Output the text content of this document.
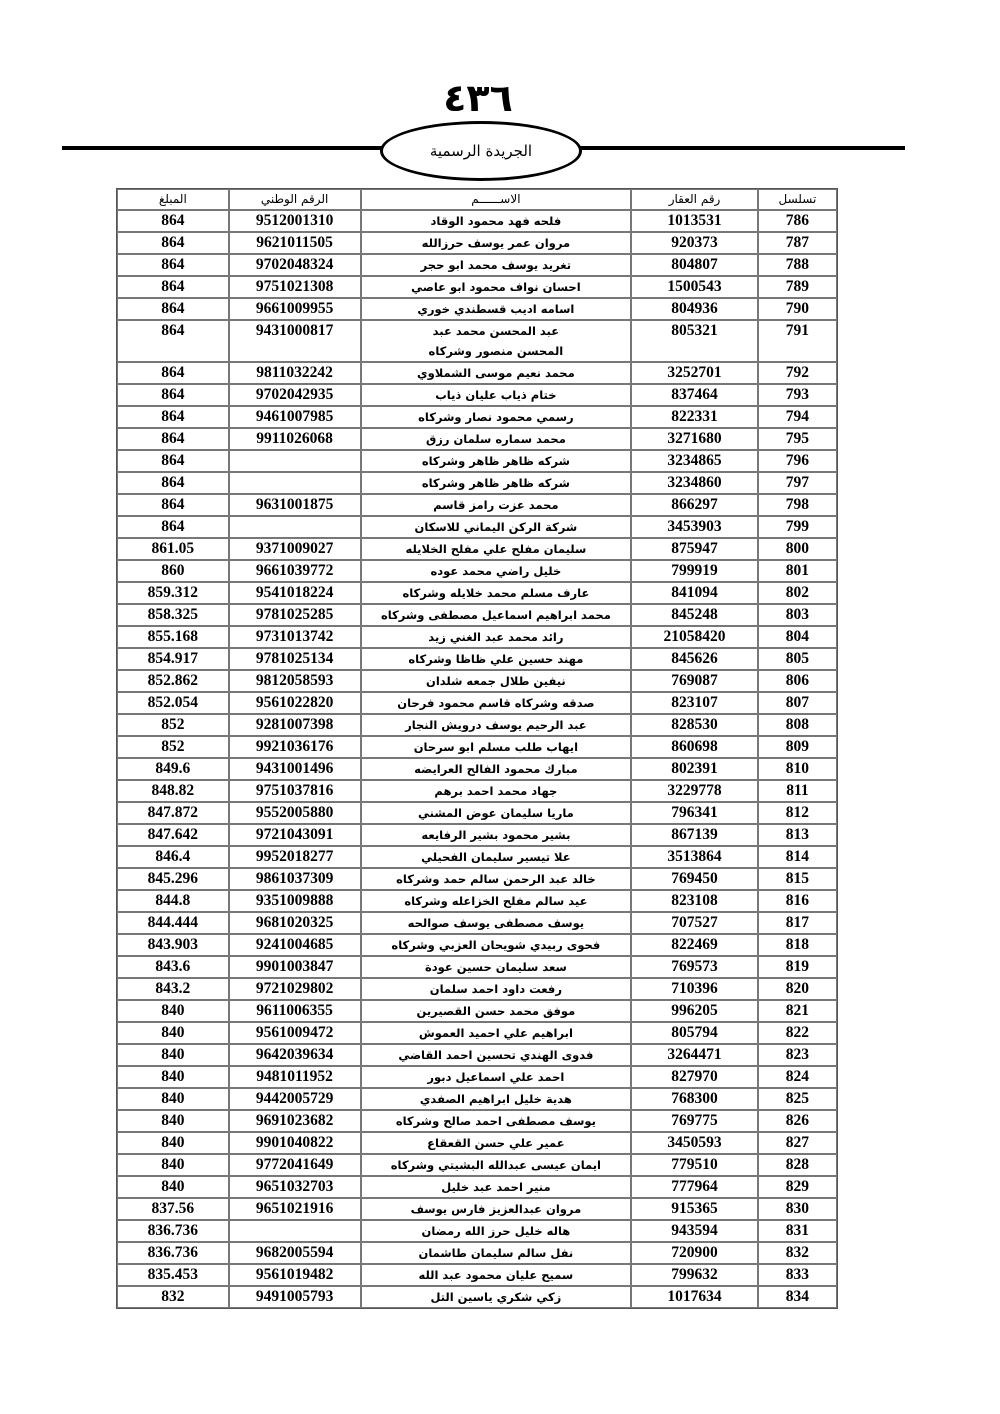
٤٣٦
الجريدة الرسمية
تسلسل	رقم العقار	الاســــــم	الرقم الوطني	المبلغ
786	1013531	فلحه فهد محمود الوقاد	9512001310	864
787	920373	مروان عمر يوسف حرزالله	9621011505	864
788	804807	تغريد يوسف محمد ابو حجر	9702048324	864
789	1500543	احسان نواف محمود ابو عاصي	9751021308	864
790	804936	اسامه اديب قسطندي خوري	9661009955	864
791	805321	عبد المحسن محمد عبد المحسن منصور وشركاه	9431000817	864
792	3252701	محمد نعيم موسى الشملاوي	9811032242	864
793	837464	ختام ذياب عليان ذياب	9702042935	864
794	822331	رسمي محمود نصار وشركاه	9461007985	864
795	3271680	محمد سماره سلمان رزق	9911026068	864
796	3234865	شركه ظاهر ظاهر وشركاه		864
797	3234860	شركه ظاهر ظاهر وشركاه		864
798	866297	محمد عزت رامز قاسم	9631001875	864
799	3453903	شركة الركن اليماني للاسكان		864
800	875947	سليمان مفلح علي مفلح الخلايله	9371009027	861.05
801	799919	خليل راضي محمد عوده	9661039772	860
802	841094	عارف مسلم محمد خلايله وشركاه	9541018224	859.312
803	845248	محمد ابراهيم اسماعيل مصطفى وشركاه	9781025285	858.325
804	21058420	رائد محمد عبد الغني زيد	9731013742	855.168
805	845626	مهند حسين علي ظاظا وشركاه	9781025134	854.917
806	769087	نيفين طلال جمعه شلدان	9812058593	852.862
807	823107	صدقه وشركاه قاسم محمود فرحان	9561022820	852.054
808	828530	عبد الرحيم يوسف درويش النجار	9281007398	852
809	860698	ايهاب طلب مسلم ابو سرحان	9921036176	852
810	802391	مبارك محمود الفالح العرايضه	9431001496	849.6
811	3229778	جهاد محمد احمد برهم	9751037816	848.82
812	796341	ماريا سليمان عوض المشني	9552005880	847.872
813	867139	بشير محمود بشير الرفايعه	9721043091	847.642
814	3513864	علا تيسير سليمان الفحيلي	9952018277	846.4
815	769450	خالد عبد الرحمن سالم حمد وشركاه	9861037309	845.296
816	823108	عيد سالم مفلح الخزاعله وشركاه	9351009888	844.8
817	707527	يوسف مصطفى يوسف صوالحه	9681020325	844.444
818	822469	فحوى ربيدي شويحان العزبي وشركاه	9241004685	843.903
819	769573	سعد سليمان حسين عودة	9901003847	843.6
820	710396	رفعت داود احمد سلمان	9721029802	843.2
821	996205	موفق محمد حسن القصيرين	9611006355	840
822	805794	ابراهيم علي احميد العموش	9561009472	840
823	3264471	فدوى الهندي تحسين احمد القاضي	9642039634	840
824	827970	احمد علي اسماعيل دبور	9481011952	840
825	768300	هدية خليل ابراهيم الصفدي	9442005729	840
826	769775	يوسف مصطفى احمد صالح وشركاه	9691023682	840
827	3450593	عمير علي حسن القعقاع	9901040822	840
828	779510	ايمان عيسى عبدالله البشيتي وشركاه	9772041649	840
829	777964	منير احمد عبد خليل	9651032703	840
830	915365	مروان عبدالعزيز فارس يوسف	9651021916	837.56
831	943594	هاله خليل حرز الله رمضان		836.736
832	720900	نفل سالم سليمان طاشمان	9682005594	836.736
833	799632	سميح عليان محمود عبد الله	9561019482	835.453
834	1017634	زكي شكري ياسين التل	9491005793	832
